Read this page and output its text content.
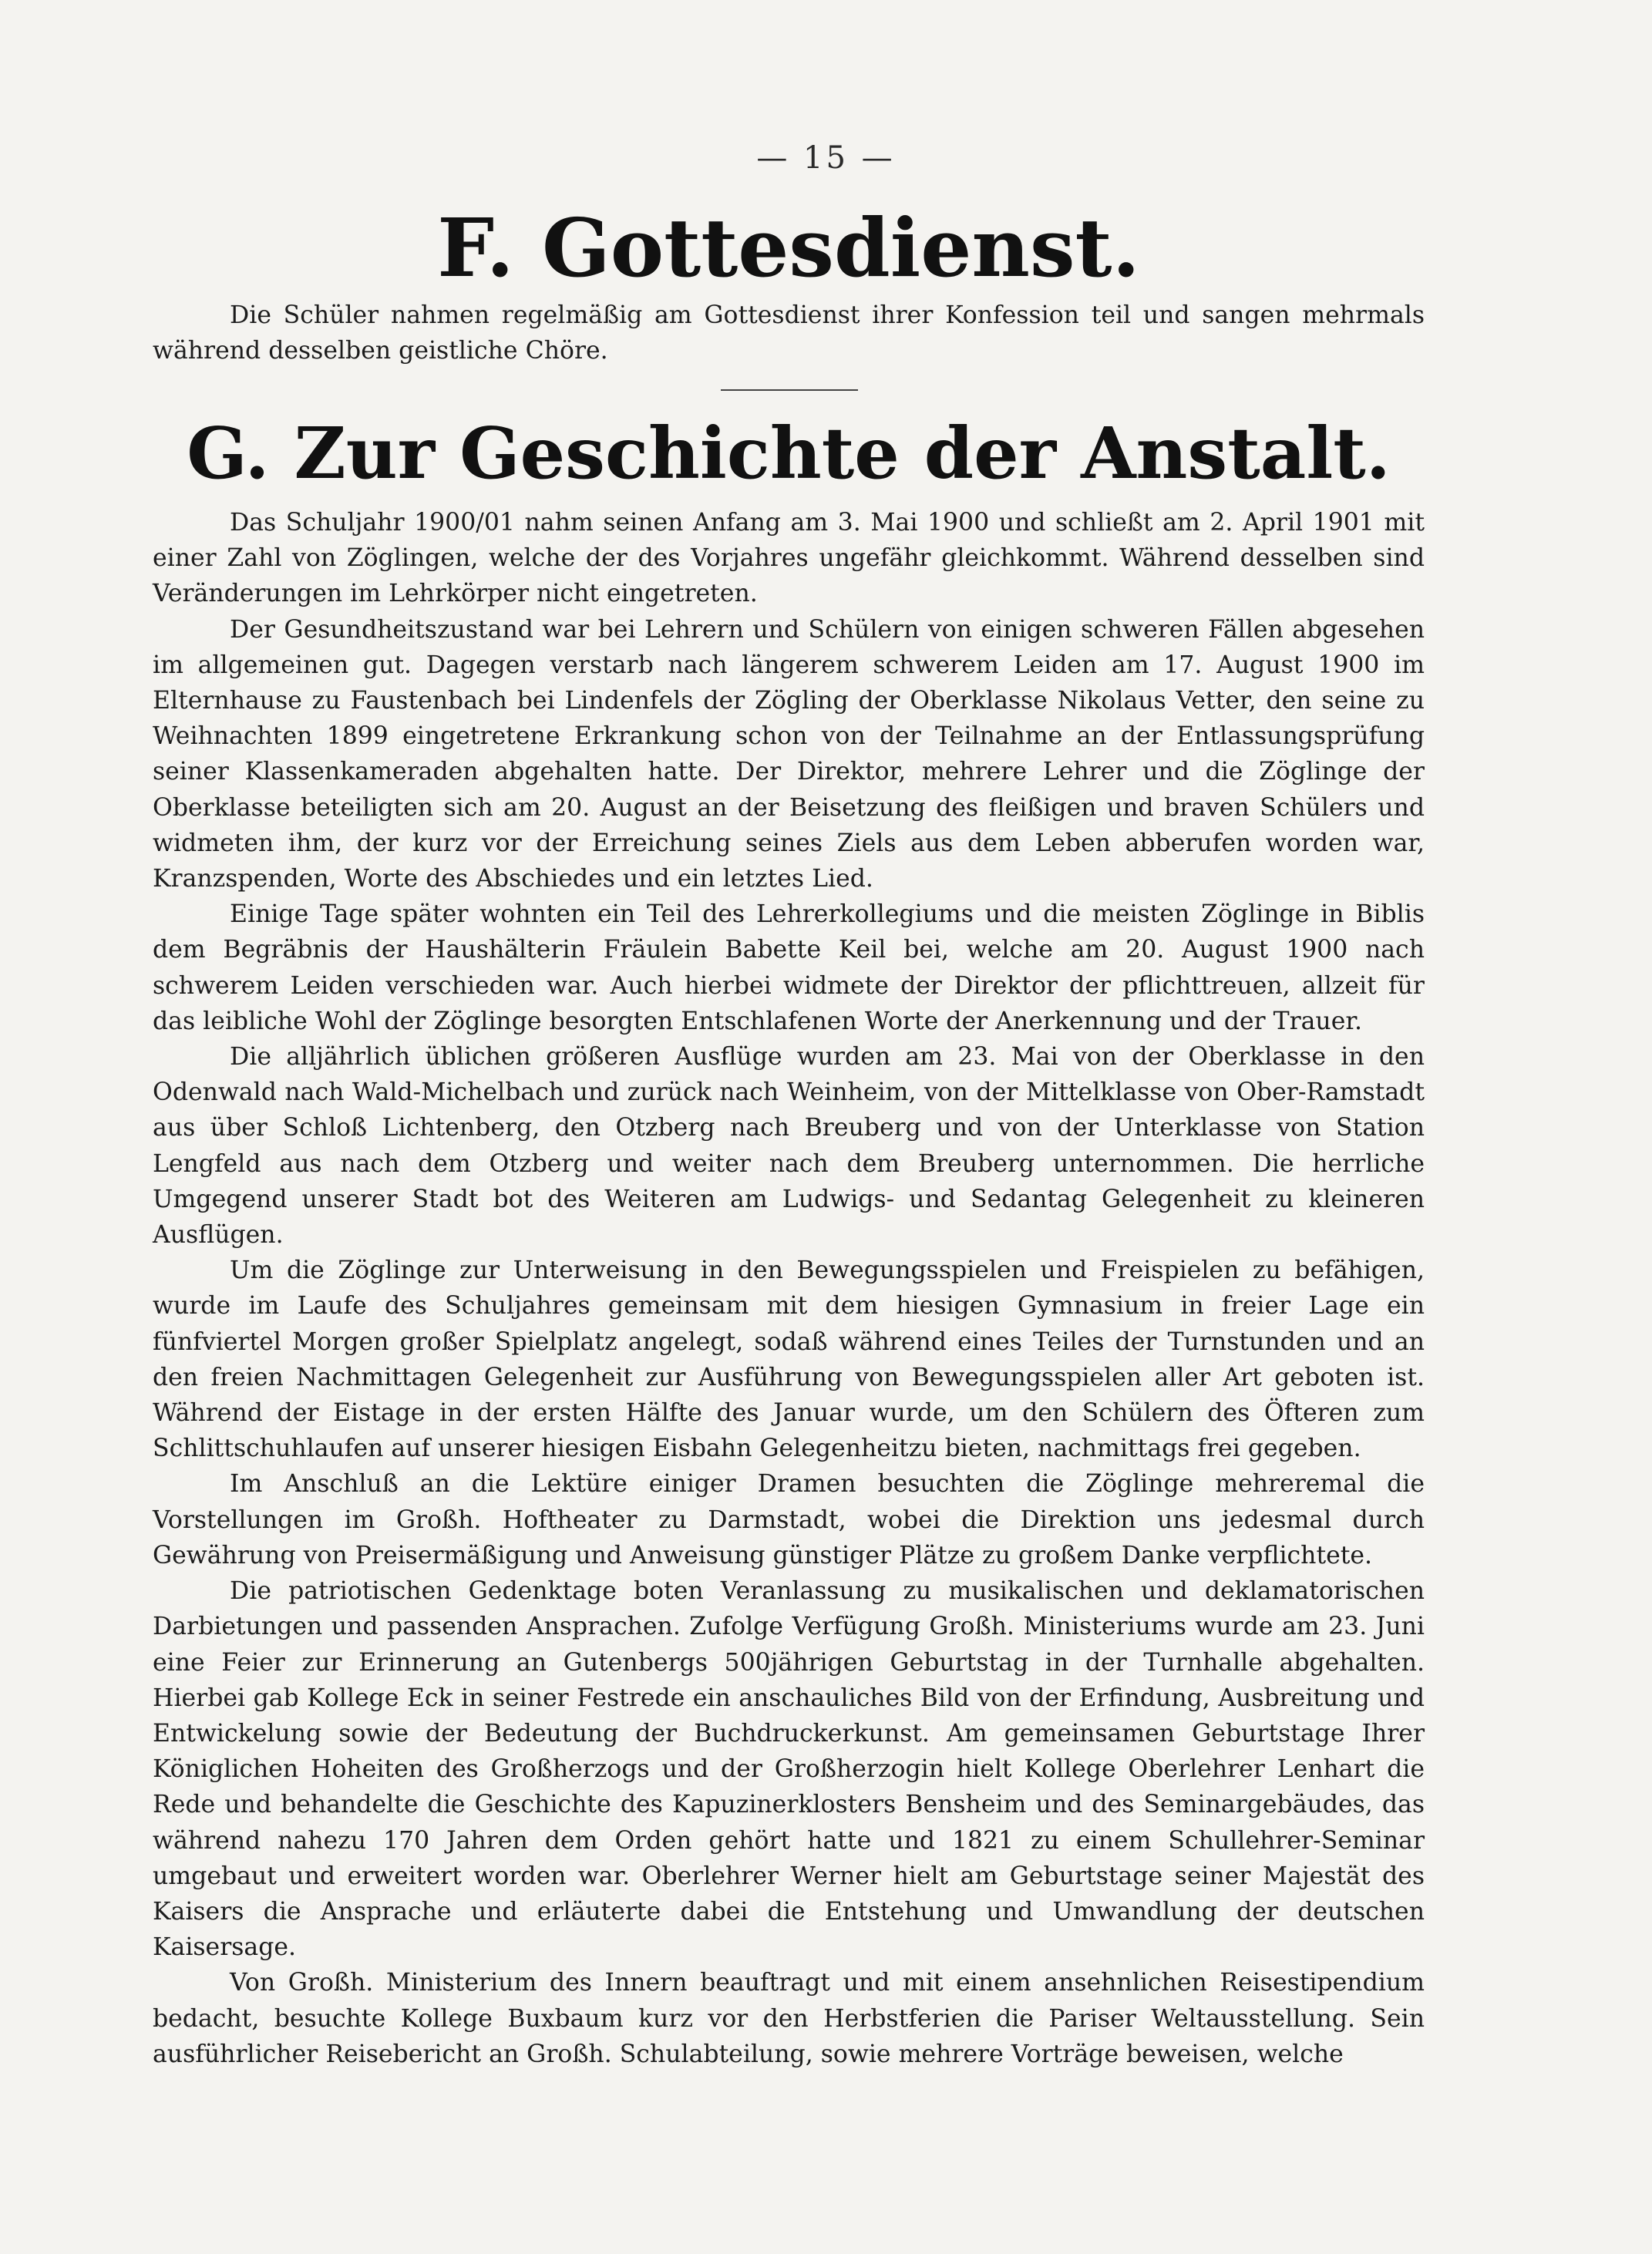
— 15 —
F. Gottesdienst.

Die Schüler nahmen regelmäßig am Gottesdienst ihrer Konfession teil und sangen mehrmals während desselben geistliche Chöre.

G. Zur Geschichte der Anstalt.

Das Schuljahr 1900/01 nahm seinen Anfang am 3. Mai 1900 und schließt am 2. April 1901 mit einer Zahl von Zöglingen, welche der des Vorjahres ungefähr gleichkommt. Während desselben sind Veränderungen im Lehrkörper nicht eingetreten.

Der Gesundheitszustand war bei Lehrern und Schülern von einigen schweren Fällen abgesehen im allgemeinen gut. Dagegen verstarb nach längerem schwerem Leiden am 17. August 1900 im Elternhause zu Faustenbach bei Lindenfels der Zögling der Oberklasse Nikolaus Vetter, den seine zu Weihnachten 1899 eingetretene Erkrankung schon von der Teilnahme an der Entlassungsprüfung seiner Klassenkameraden abgehalten hatte. Der Direktor, mehrere Lehrer und die Zöglinge der Oberklasse beteiligten sich am 20. August an der Beisetzung des fleißigen und braven Schülers und widmeten ihm, der kurz vor der Erreichung seines Ziels aus dem Leben abberufen worden war, Kranzspenden, Worte des Abschiedes und ein letztes Lied.

Einige Tage später wohnten ein Teil des Lehrerkollegiums und die meisten Zöglinge in Biblis dem Begräbnis der Haushälterin Fräulein Babette Keil bei, welche am 20. August 1900 nach schwerem Leiden verschieden war. Auch hierbei widmete der Direktor der pflichttreuen, allzeit für das leibliche Wohl der Zöglinge besorgten Entschlafenen Worte der Anerkennung und der Trauer.

Die alljährlich üblichen größeren Ausflüge wurden am 23. Mai von der Oberklasse in den Odenwald nach Wald-Michelbach und zurück nach Weinheim, von der Mittelklasse von Ober-Ramstadt aus über Schloß Lichtenberg, den Otzberg nach Breuberg und von der Unterklasse von Station Lengfeld aus nach dem Otzberg und weiter nach dem Breuberg unternommen. Die herrliche Umgegend unserer Stadt bot des Weiteren am Ludwigs- und Sedantag Gelegenheit zu kleineren Ausflügen.

Um die Zöglinge zur Unterweisung in den Bewegungsspielen und Freispielen zu befähigen, wurde im Laufe des Schuljahres gemeinsam mit dem hiesigen Gymnasium in freier Lage ein fünfviertel Morgen großer Spielplatz angelegt, sodaß während eines Teiles der Turnstunden und an den freien Nachmittagen Gelegenheit zur Ausführung von Bewegungsspielen aller Art geboten ist. Während der Eistage in der ersten Hälfte des Januar wurde, um den Schülern des Öfteren zum Schlittschuhlaufen auf unserer hiesigen Eisbahn Gelegenheitzu bieten, nachmittags frei gegeben.

Im Anschluß an die Lektüre einiger Dramen besuchten die Zöglinge mehreremal die Vorstellungen im Großh. Hoftheater zu Darmstadt, wobei die Direktion uns jedesmal durch Gewährung von Preisermäßigung und Anweisung günstiger Plätze zu großem Danke verpflichtete.

Die patriotischen Gedenktage boten Veranlassung zu musikalischen und deklamatorischen Darbietungen und passenden Ansprachen. Zufolge Verfügung Großh. Ministeriums wurde am 23. Juni eine Feier zur Erinnerung an Gutenbergs 500jährigen Geburtstag in der Turnhalle abgehalten. Hierbei gab Kollege Eck in seiner Festrede ein anschauliches Bild von der Erfindung, Ausbreitung und Entwickelung sowie der Bedeutung der Buchdruckerkunst. Am gemeinsamen Geburtstage Ihrer Königlichen Hoheiten des Großherzogs und der Großherzogin hielt Kollege Oberlehrer Lenhart die Rede und behandelte die Geschichte des Kapuzinerklosters Bensheim und des Seminargebäudes, das während nahezu 170 Jahren dem Orden gehört hatte und 1821 zu einem Schullehrer-Seminar umgebaut und erweitert worden war. Oberlehrer Werner hielt am Geburtstage seiner Majestät des Kaisers die Ansprache und erläuterte dabei die Entstehung und Umwandlung der deutschen Kaisersage.

Von Großh. Ministerium des Innern beauftragt und mit einem ansehnlichen Reisestipendium bedacht, besuchte Kollege Buxbaum kurz vor den Herbstferien die Pariser Weltausstellung. Sein ausführlicher Reisebericht an Großh. Schulabteilung, sowie mehrere Vorträge beweisen, welche
